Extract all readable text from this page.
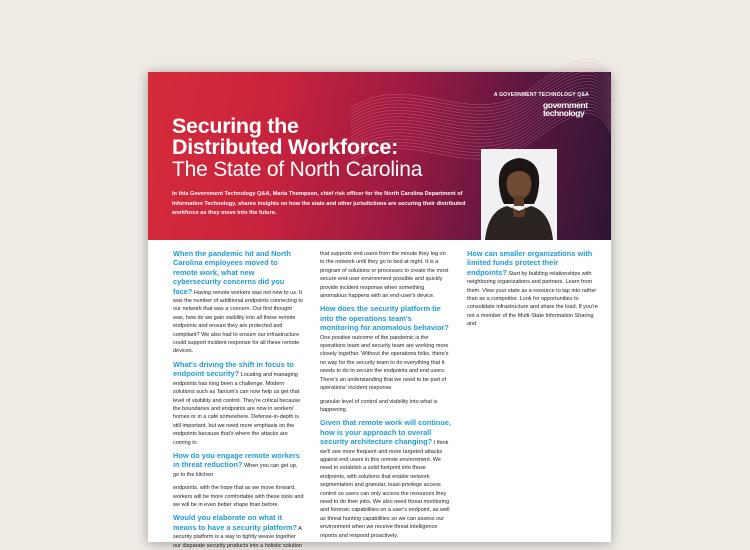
A GOVERNMENT TECHNOLOGY Q&A
government
technology
Securing the
Distributed Workforce:
The State of North Carolina
In this Government Technology Q&A, Maria Thompson, chief risk officer for the North Carolina Department of Information Technology, shares insights on how the state and other jurisdictions are securing their distributed workforce as they move into the future.
When the pandemic hit and North Carolina employees moved to remote work, what new cybersecurity concerns did you face? Having remote workers was not new to us. It was the number of additional endpoints connecting to our network that was a concern. Our first thought was, how do we gain visibility into all these remote endpoints and ensure they are protected and compliant? We also had to ensure our infrastructure could support incident response for all these remote devices.
What's driving the shift in focus to endpoint security? Locating and managing endpoints has long been a challenge. Modern solutions such as Tanium's can now help us get that level of visibility and control. They're critical because the boundaries and endpoints are now in workers' homes or in a café somewhere. Defense-in-depth is still important, but we need more emphasis on the endpoints because that's where the attacks are coming in.
How do you engage remote workers in threat reduction? When you can get up, go to the kitchen
endpoints, with the hope that as we move forward, workers will be more comfortable with these tools and we will be in even better shape than before.
Would you elaborate on what it means to have a security platform? A security platform is a way to tightly weave together our disparate security products into a holistic solution that supports end users from the minute they log on to the network until they go to bed at night. It is a program of solutions or processes to create the most secure end-user environment possible and quickly provide incident response when something anomalous happens with an end-user's device.
How does the security platform tie into the operations team's monitoring for anomalous behavior? One positive outcome of the pandemic is the operations team and security team are working more closely together. Without the operations folks, there's no way for the security team to do everything that it needs to do to secure the endpoints and end users. There's an understanding that we need to be part of operations' incident response
granular level of control and visibility into what is happening.
Given that remote work will continue, how is your approach to overall security architecture changing? I think we'll see more frequent and more targeted attacks against end users in this remote environment. We need to establish a solid footprint into those endpoints, with solutions that enable network segmentation and granular, least-privilege access control so users can only access the resources they need to do their jobs. We also need threat monitoring and forensic capabilities on a user's endpoint, as well as threat hunting capabilities so we can assess our environment when we receive threat intelligence reports and respond proactively.
How can smaller organizations with limited funds protect their endpoints? Start by building relationships with neighboring organizations and partners. Learn from them. View your state as a resource to tap into rather than as a competitor. Look for opportunities to consolidate infrastructure and share the load. If you're not a member of the Multi-State Information Sharing and
